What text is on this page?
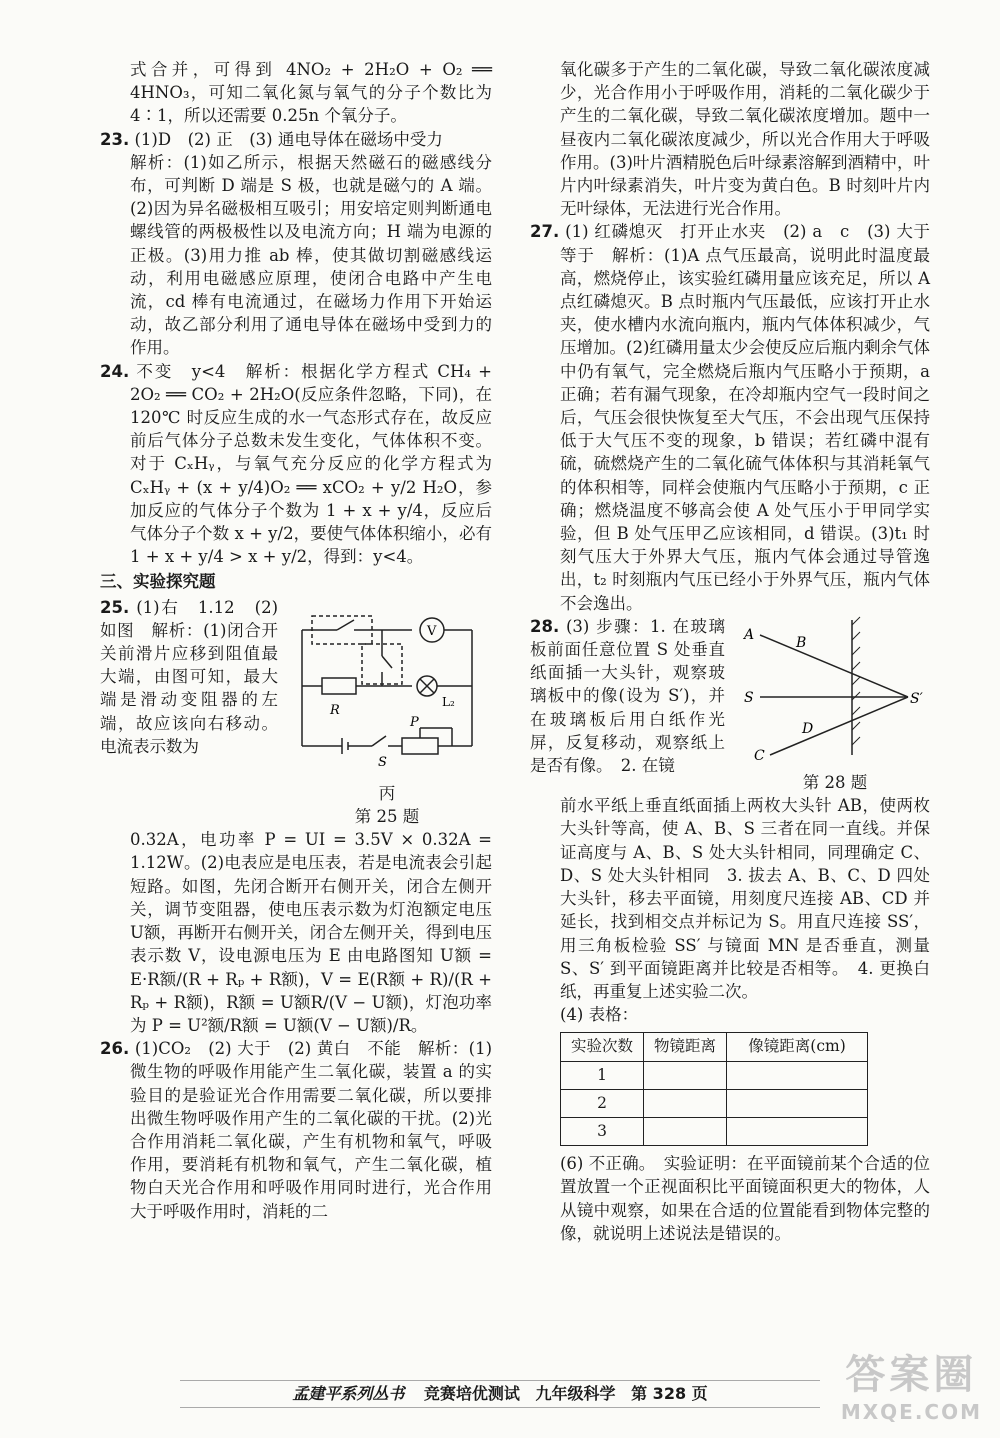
式合并，可得到 4NO₂ + 2H₂O + O₂ ══ 4HNO₃，可知二氧化氮与氧气的分子个数比为 4∶1，所以还需要 0.25n 个氧分子。

23. (1)D　(2) 正　(3) 通电导体在磁场中受力

解析：(1)如乙所示，根据天然磁石的磁感线分布，可判断 D 端是 S 极，也就是磁勺的 A 端。(2)因为异名磁极相互吸引；用安培定则判断通电螺线管的两极极性以及电流方向；H 端为电源的正极。(3)用力推 ab 棒，使其做切割磁感线运动，利用电磁感应原理，使闭合电路中产生电流，cd 棒有电流通过，在磁场力作用下开始运动，故乙部分利用了通电导体在磁场中受到力的作用。

24. 不变　y<4　解析：根据化学方程式 CH₄ + 2O₂ ══ CO₂ + 2H₂O(反应条件忽略，下同)，在 120℃ 时反应生成的水一气态形式存在，故反应前后气体分子总数未发生变化，气体体积不变。对于 CₓHᵧ，与氧气充分反应的化学方程式为 CₓHᵧ + (x + y/4)O₂ ══ xCO₂ + y/2 H₂O，参加反应的气体分子个数为 1 + x + y/4，反应后气体分子个数 x + y/2，要使气体体积缩小，必有 1 + x + y/4 > x + y/2，得到：y<4。

三、实验探究题
25. (1)右　1.12　(2)如图　解析：(1)闭合开关前滑片应移到阻值最大端，由图可知，最大端是滑动变阻器的左端，故应该向右移动。电流表示数为
V
L₂
R
P
S
丙
第 25 题

0.32A，电功率 P = UI = 3.5V × 0.32A = 1.12W。(2)电表应是电压表，若是电流表会引起短路。如图，先闭合断开右侧开关，闭合左侧开关，调节变阻器，使电压表示数为灯泡额定电压 U额，再断开右侧开关，闭合左侧开关，得到电压表示数 V，设电源电压为 E 由电路图知 U额 = E·R额/(R + Rₚ + R额)，V = E(R额 + R)/(R + Rₚ + R额)，R额 = U额R/(V − U额)，灯泡功率为 P = U²额/R额 = U额(V − U额)/R。

26. (1)CO₂　(2) 大于　(2) 黄白　不能　解析：(1)微生物的呼吸作用能产生二氧化碳，装置 a 的实验目的是验证光合作用需要二氧化碳，所以要排出微生物呼吸作用产生的二氧化碳的干扰。(2)光合作用消耗二氧化碳，产生有机物和氧气，呼吸作用，要消耗有机物和氧气，产生二氧化碳，植物白天光合作用和呼吸作用同时进行，光合作用大于呼吸作用时，消耗的二

氧化碳多于产生的二氧化碳，导致二氧化碳浓度减少，光合作用小于呼吸作用，消耗的二氧化碳少于产生的二氧化碳，导致二氧化碳浓度增加。题中一昼夜内二氧化碳浓度减少，所以光合作用大于呼吸作用。(3)叶片酒精脱色后叶绿素溶解到酒精中，叶片内叶绿素消失，叶片变为黄白色。B 时刻叶片内无叶绿体，无法进行光合作用。

27. (1) 红磷熄灭　打开止水夹　(2) a　c　(3) 大于　等于　解析：(1)A 点气压最高，说明此时温度最高，燃烧停止，该实验红磷用量应该充足，所以 A 点红磷熄灭。B 点时瓶内气压最低，应该打开止水夹，使水槽内水流向瓶内，瓶内气体体积减少，气压增加。(2)红磷用量太少会使反应后瓶内剩余气体中仍有氧气，完全燃烧后瓶内气压略小于预期，a 正确；若有漏气现象，在冷却瓶内空气一段时间之后，气压会很快恢复至大气压，不会出现气压保持低于大气压不变的现象，b 错误；若红磷中混有硫，硫燃烧产生的二氧化硫气体体积与其消耗氧气的体积相等，同样会使瓶内气压略小于预期，c 正确；燃烧温度不够高会使 A 处气压小于甲同学实验，但 B 处气压甲乙应该相同，d 错误。(3)t₁ 时刻气压大于外界大气压，瓶内气体会通过导管逸出，t₂ 时刻瓶内气压已经小于外界气压，瓶内气体不会逸出。

28. (3) 步骤：1. 在玻璃板前面任意位置 S 处垂直纸面插一大头针，观察玻璃板中的像(设为 S′)，并在玻璃板后用白纸作光屏，反复移动，观察纸上是否有像。　2. 在镜
A	B
S	S′
D
C
第 28 题

前水平纸上垂直纸面插上两枚大头针 AB，使两枚大头针等高，使 A、B、S 三者在同一直线。并保证高度与 A、B、S 处大头针相同，同理确定 C、D、S 处大头针相同　3. 拔去 A、B、C、D 四处大头针，移去平面镜，用刻度尺连接 AB、CD 并延长，找到相交点并标记为 S。用直尺连接 SS′，用三角板检验 SS′ 与镜面 MN 是否垂直，测量 S、S′ 到平面镜距离并比较是否相等。　4. 更换白纸，再重复上述实验二次。

(4) 表格：

实验次数	物镜距离	像镜距离(cm)
1		
2		
3		

(6) 不正确。　实验证明：在平面镜前某个合适的位置放置一个正视面积比平面镜面积更大的物体，人从镜中观察，如果在合适的位置能看到物体完整的像，就说明上述说法是错误的。

孟建平系列丛书 竞赛培优测试 九年级科学 第 328 页	答案圈
MXQE.COM
